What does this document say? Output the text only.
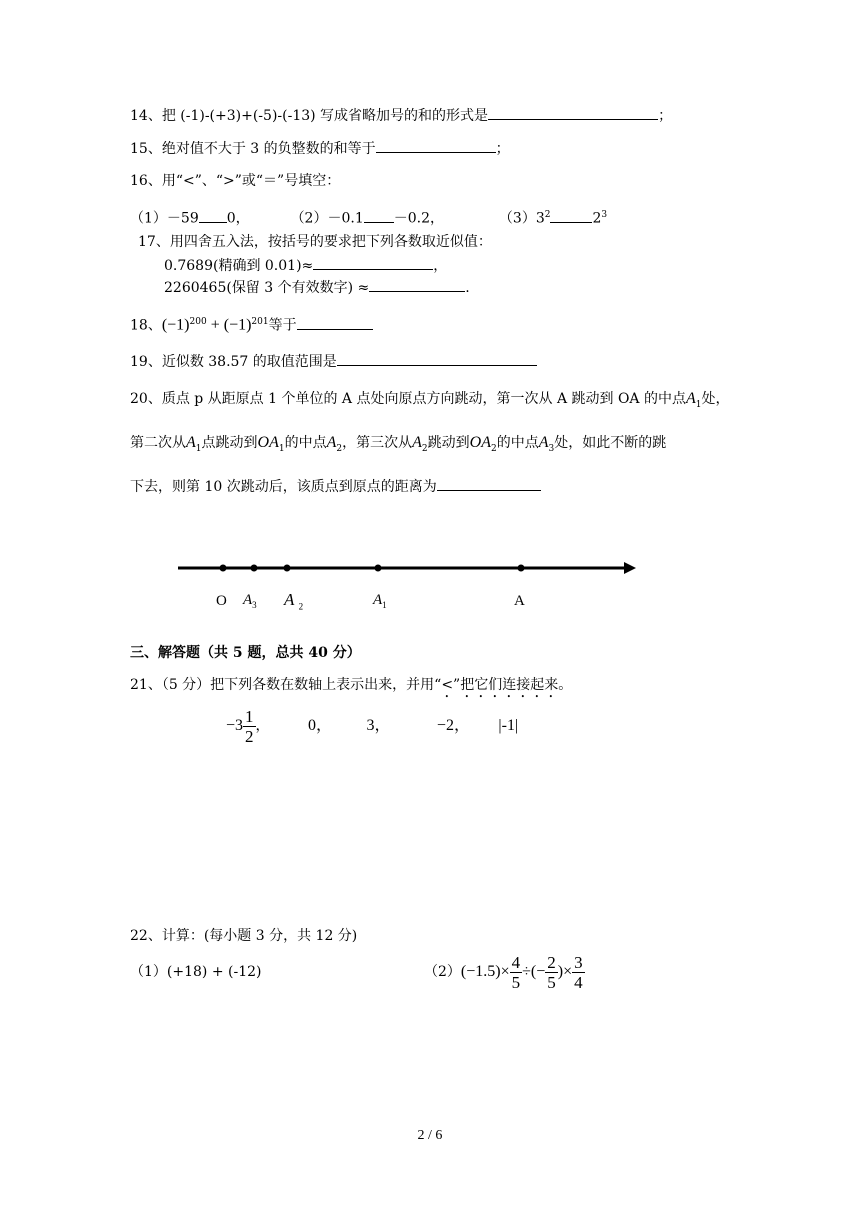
14、把 (-1)-(+3)+(-5)-(-13) 写成省略加号的和的形式是	；
15、绝对值不大于 3 的负整数的和等于	；
16、用“<”、“>”或“＝”号填空：
（1）－59 0，	（2）－0.1 －0.2，	$(3)3^2$	$2^3$
17、用四舍五入法，按括号的要求把下列各数取近似值：
0.7689(精确到 0.01)≈	，
2260465(保留 3 个有效数字) ≈	.
18、$(-1)^{200} + (-1)^{201}$等于
19、近似数 38.57 的取值范围是
20、质点 p 从距原点 1 个单位的 A 点处向原点方向跳动，第一次从 A 跳动到 OA 的中点$A_1$处，
第二次从$A_1$点跳动到$OA_1$的中点$A_2$，第三次从$A_2$跳动到$OA_2$的中点$A_3$处，如此不断的跳
下去，则第 10 次跳动后，该质点到原点的距离为
O $A_3$ A $_2$	$A_1$	A
三、解答题（共 5 题，总共 40 分）
21、（5 分）把下列各数在数轴上表示出来，并用“<”把它们连接起来。
$-3 \frac{1}{2}$ ， 0， 3，	−2， |-1|
22、计算：(每小题 3 分，共 12 分)
（1）(+18) + (-12)	$(2)(-1.5)\times \frac{4}{5}$ ÷(− $\frac{2}{5}$ )× $\frac{3}{4}$
2 / 6
